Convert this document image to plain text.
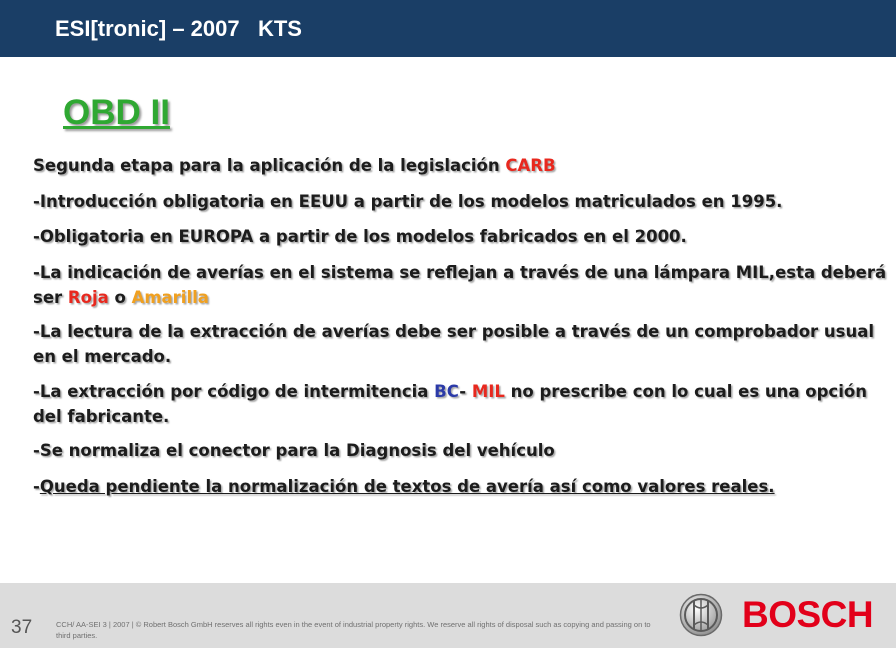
ESI[tronic] – 2007   KTS
OBD II

Segunda etapa para la aplicación de la legislación CARB

-Introducción obligatoria en EEUU a partir de los modelos matriculados en 1995.

-Obligatoria en EUROPA a partir de los modelos fabricados en el 2000.

-La indicación de averías en el sistema se reflejan a través de una lámpara MIL,esta deberá ser Roja o Amarilla

-La lectura de la extracción de averías debe ser posible a través de un comprobador usual en el mercado.

-La extracción por código de intermitencia BC- MIL no prescribe con lo cual es una opción del fabricante.

-Se normaliza el conector para la Diagnosis del vehículo

-Queda pendiente la normalización de textos de avería así como valores reales.

37	CCH/ AA-SEI 3 | 2007 | © Robert Bosch GmbH reserves all rights even in the event of industrial property rights. We reserve all rights of disposal such as copying and passing on to third parties.
BOSCH
